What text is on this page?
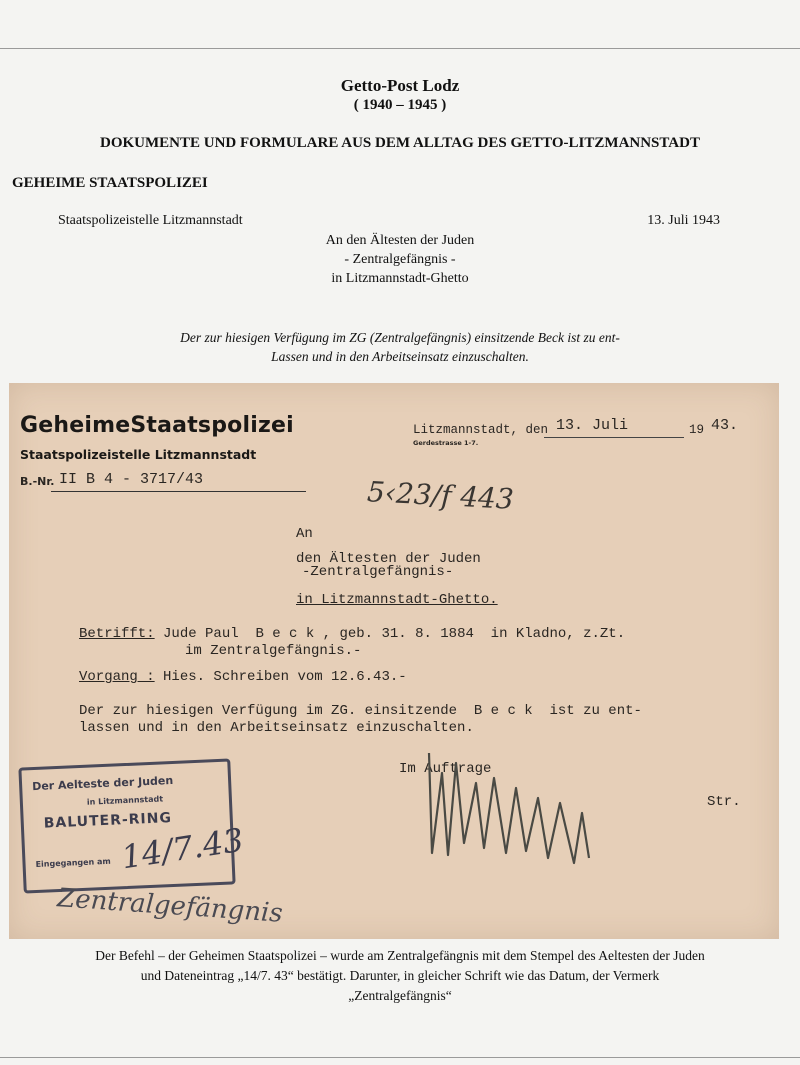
Getto-Post Lodz
( 1940 – 1945 )
DOKUMENTE UND FORMULARE AUS DEM ALLTAG DES GETTO-LITZMANNSTADT
GEHEIME STAATSPOLIZEI
Staatspolizeistelle Litzmannstadt	13. Juli 1943
An den Ältesten der Juden
- Zentralgefängnis -
in Litzmannstadt-Ghetto
Der zur hiesigen Verfügung im ZG (Zentralgefängnis) einsitzende Beck ist zu ent-
Lassen und in den Arbeitseinsatz einzuschalten.
GeheimeStaatspolizei
Staatspolizeistelle Litzmannstadt
B.-Nr. II B 4 - 3717/43
Litzmannstadt, den
Gerdestrasse 1-7.
13. Juli	19 43.
5‹23/f 443
An
den Ältesten der Juden
-Zentralgefängnis-
in Litzmannstadt-Ghetto.
Betrifft: Jude Paul  B e c k , geb. 31. 8. 1884  in Kladno, z.Zt.
im Zentralgefängnis.-
Vorgang : Hies. Schreiben vom 12.6.43.-
Der zur hiesigen Verfügung im ZG. einsitzende  B e c k  ist zu ent-
lassen und in den Arbeitseinsatz einzuschalten.
Im Auftrage
Str.
Der Aeltеste der Juden
in Litzmannstadt
BALUTER-RING
Eingegangen am 14/7.43
Zentralgefängnis
Der Befehl – der Geheimen Staatspolizei – wurde am Zentralgefängnis mit dem Stempel des Aeltesten der Juden
und Dateneintrag „14/7. 43“ bestätigt. Darunter, in gleicher Schrift wie das Datum, der Vermerk
„Zentralgefängnis“
